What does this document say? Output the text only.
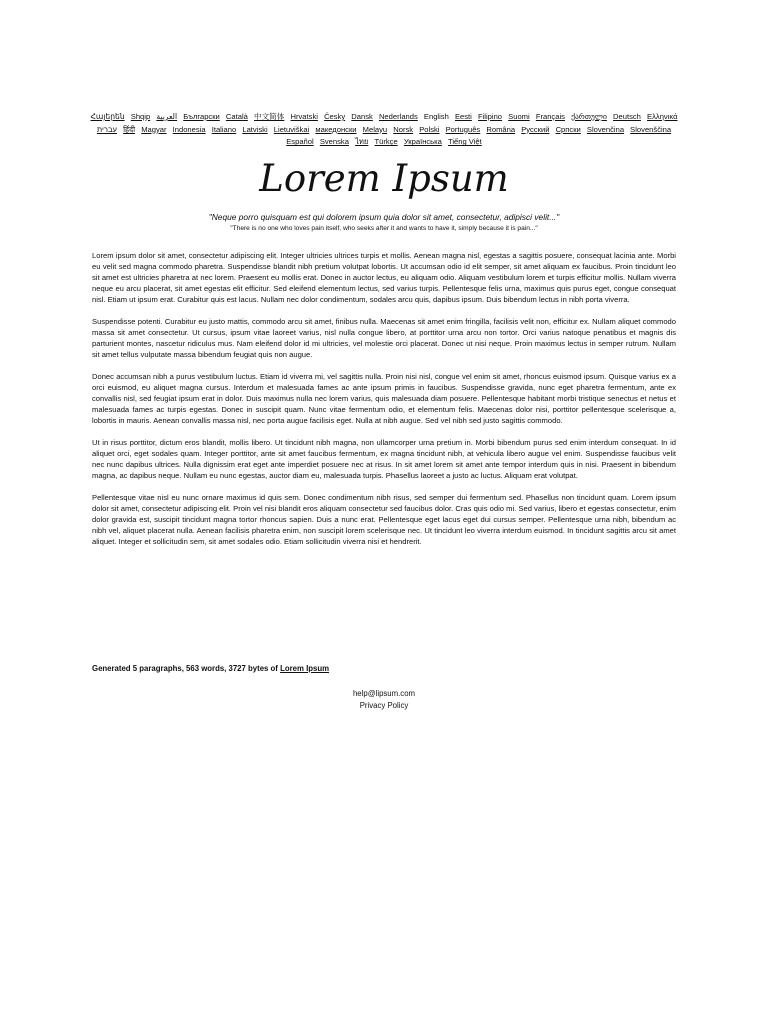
Հայերեն Shqip العربية Български Català 中文简体 Hrvatski Česky Dansk Nederlands English Eesti Filipino Suomi Français ქართული Deutsch Ελληνικά
עברית हिंदी Magyar Indonesia Italiano Latviski Lietuviškai македонски Melayu Norsk Polski Português Româna Pyccкий Српски Slovenčina Slovenščina
Español Svenska ไทย Türkçe Українська Tiếng Việt
Lorem Ipsum
"Neque porro quisquam est qui dolorem ipsum quia dolor sit amet, consectetur, adipisci velit..."
"There is no one who loves pain itself, who seeks after it and wants to have it, simply because it is pain..."

Lorem ipsum dolor sit amet, consectetur adipiscing elit. Integer ultricies ultrices turpis et mollis. Aenean magna nisl, egestas a sagittis posuere, consequat lacinia ante. Morbi eu velit sed magna commodo pharetra. Suspendisse blandit nibh pretium volutpat lobortis. Ut accumsan odio id elit semper, sit amet aliquam ex faucibus. Proin tincidunt leo sit amet est ultricies pharetra at nec lorem. Praesent eu mollis erat. Donec in auctor lectus, eu aliquam odio. Aliquam vestibulum lorem et turpis efficitur mollis. Nullam viverra neque eu arcu placerat, sit amet egestas elit efficitur. Sed eleifend elementum lectus, sed varius turpis. Pellentesque felis urna, maximus quis purus eget, congue consequat nisl. Etiam ut ipsum erat. Curabitur quis est lacus. Nullam nec dolor condimentum, sodales arcu quis, dapibus ipsum. Duis bibendum lectus in nibh porta viverra.

Suspendisse potenti. Curabitur eu justo mattis, commodo arcu sit amet, finibus nulla. Maecenas sit amet enim fringilla, facilisis velit non, efficitur ex. Nullam aliquet commodo massa sit amet consectetur. Ut cursus, ipsum vitae laoreet varius, nisl nulla congue libero, at porttitor urna arcu non tortor. Orci varius natoque penatibus et magnis dis parturient montes, nascetur ridiculus mus. Nam eleifend dolor id mi ultricies, vel molestie orci placerat. Donec ut nisi neque. Proin maximus lectus in semper rutrum. Nullam sit amet tellus vulputate massa bibendum feugiat quis non augue.

Donec accumsan nibh a purus vestibulum luctus. Etiam id viverra mi, vel sagittis nulla. Proin nisi nisl, congue vel enim sit amet, rhoncus euismod ipsum. Quisque varius ex a orci euismod, eu aliquet magna cursus. Interdum et malesuada fames ac ante ipsum primis in faucibus. Suspendisse gravida, nunc eget pharetra fermentum, ante ex convallis nisl, sed feugiat ipsum erat in dolor. Duis maximus nulla nec lorem varius, quis malesuada diam posuere. Pellentesque habitant morbi tristique senectus et netus et malesuada fames ac turpis egestas. Donec in suscipit quam. Nunc vitae fermentum odio, et elementum felis. Maecenas dolor nisi, porttitor pellentesque scelerisque a, lobortis in mauris. Aenean convallis massa nisl, nec porta augue facilisis eget. Nulla at nibh augue. Sed vel nibh sed justo sagittis commodo.

Ut in risus porttitor, dictum eros blandit, mollis libero. Ut tincidunt nibh magna, non ullamcorper urna pretium in. Morbi bibendum purus sed enim interdum consequat. In id aliquet orci, eget sodales quam. Integer porttitor, ante sit amet faucibus fermentum, ex magna tincidunt nibh, at vehicula libero augue vel enim. Suspendisse faucibus velit nec nunc dapibus ultrices. Nulla dignissim erat eget ante imperdiet posuere nec at risus. In sit amet lorem sit amet ante tempor interdum quis in nisi. Praesent in bibendum magna, ac dapibus neque. Nullam eu nunc egestas, auctor diam eu, malesuada turpis. Phasellus laoreet a justo ac luctus. Aliquam erat volutpat.

Pellentesque vitae nisl eu nunc ornare maximus id quis sem. Donec condimentum nibh risus, sed semper dui fermentum sed. Phasellus non tincidunt quam. Lorem ipsum dolor sit amet, consectetur adipiscing elit. Proin vel nisi blandit eros aliquam consectetur sed faucibus dolor. Cras quis odio mi. Sed varius, libero et egestas consectetur, enim dolor gravida est, suscipit tincidunt magna tortor rhoncus sapien. Duis a nunc erat. Pellentesque eget lacus eget dui cursus semper. Pellentesque urna nibh, bibendum ac nibh vel, aliquet placerat nulla. Aenean facilisis pharetra enim, non suscipit lorem scelerisque nec. Ut tincidunt leo viverra interdum euismod. In tincidunt sagittis arcu sit amet aliquet. Integer et sollicitudin sem, sit amet sodales odio. Etiam sollicitudin viverra nisi et hendrerit.

Generated 5 paragraphs, 563 words, 3727 bytes of Lorem Ipsum
help@lipsum.com
Privacy Policy
